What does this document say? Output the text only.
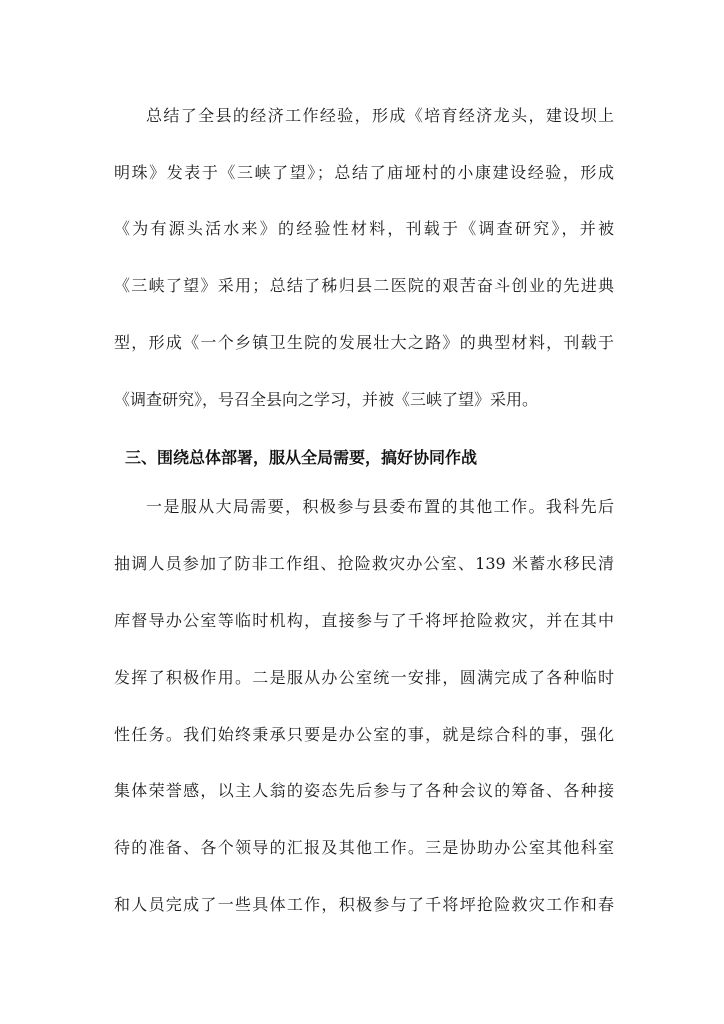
总结了全县的经济工作经验，形成《培育经济龙头，建设坝上
明珠》发表于《三峡了望》；总结了庙垭村的小康建设经验，形成
《为有源头活水来》的经验性材料，刊载于《调查研究》，并被
《三峡了望》采用；总结了秭归县二医院的艰苦奋斗创业的先进典
型，形成《一个乡镇卫生院的发展壮大之路》的典型材料，刊载于
《调查研究》，号召全县向之学习，并被《三峡了望》采用。
三、围绕总体部署，服从全局需要，搞好协同作战
一是服从大局需要，积极参与县委布置的其他工作。我科先后
抽调人员参加了防非工作组、抢险救灾办公室、139 米蓄水移民清
库督导办公室等临时机构，直接参与了千将坪抢险救灾，并在其中
发挥了积极作用。二是服从办公室统一安排，圆满完成了各种临时
性任务。我们始终秉承只要是办公室的事，就是综合科的事，强化
集体荣誉感，以主人翁的姿态先后参与了各种会议的筹备、各种接
待的准备、各个领导的汇报及其他工作。三是协助办公室其他科室
和人员完成了一些具体工作，积极参与了千将坪抢险救灾工作和春
